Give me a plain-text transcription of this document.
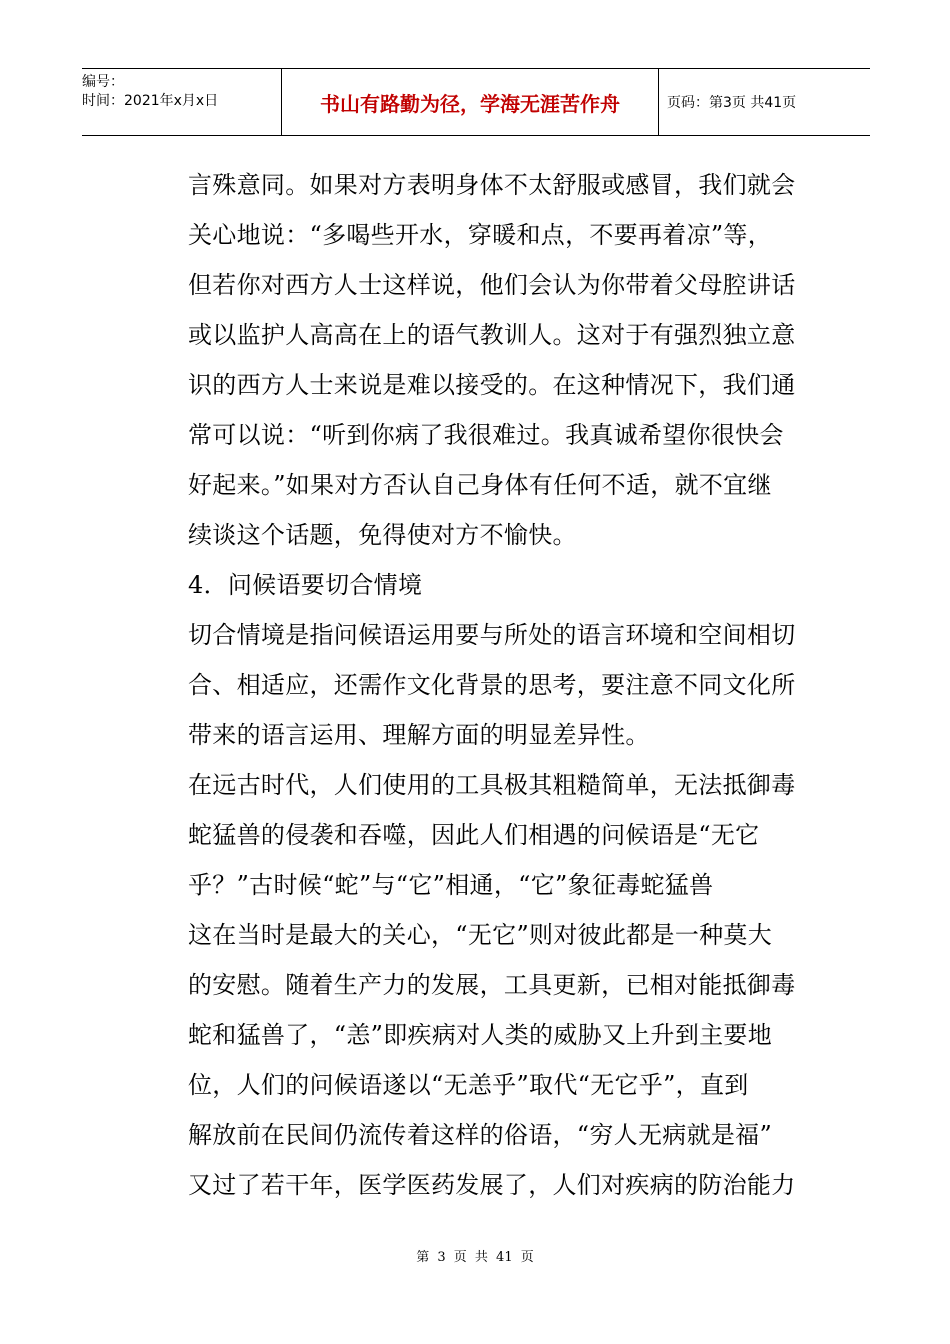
编号：
时间：2021年x月x日	书山有路勤为径，学海无涯苦作舟	页码：第3页 共41页

言殊意同。如果对方表明身体不太舒服或感冒，我们就会

关心地说：“多喝些开水，穿暖和点，不要再着凉”等，

但若你对西方人士这样说，他们会认为你带着父母腔讲话

或以监护人高高在上的语气教训人。这对于有强烈独立意

识的西方人士来说是难以接受的。在这种情况下，我们通

常可以说：“听到你病了我很难过。我真诚希望你很快会

好起来。”如果对方否认自己身体有任何不适，就不宜继

续谈这个话题，免得使对方不愉快。

4．问候语要切合情境

切合情境是指问候语运用要与所处的语言环境和空间相切

合、相适应，还需作文化背景的思考，要注意不同文化所

带来的语言运用、理解方面的明显差异性。

在远古时代，人们使用的工具极其粗糙简单，无法抵御毒

蛇猛兽的侵袭和吞噬，因此人们相遇的问候语是“无它

乎？”古时候“蛇”与“它”相通，“它”象征毒蛇猛兽

这在当时是最大的关心，“无它”则对彼此都是一种莫大

的安慰。随着生产力的发展，工具更新，已相对能抵御毒

蛇和猛兽了，“恙”即疾病对人类的威胁又上升到主要地

位，人们的问候语遂以“无恙乎”取代“无它乎”，直到

解放前在民间仍流传着这样的俗语，“穷人无病就是福”

又过了若干年，医学医药发展了，人们对疾病的防治能力

第 3 页 共 41 页
